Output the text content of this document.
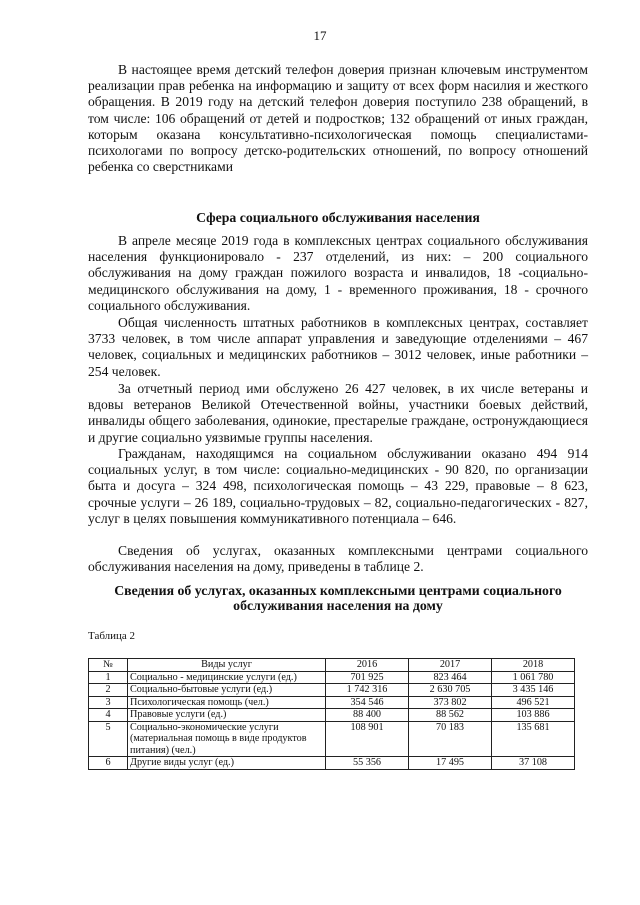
17

В настоящее время детский телефон доверия признан ключевым инструментом реализации прав ребенка на информацию и защиту от всех форм насилия и жесткого обращения. В 2019 году на детский телефон доверия поступило 238 обращений, в том числе: 106 обращений от детей и подростков; 132 обращений от иных граждан, которым оказана консультативно-психологическая помощь специалистами-психологами по вопросу детско-родительских отношений, по вопросу отношений ребенка со сверстниками

Сфера социального обслуживания населения

В апреле месяце 2019 года в комплексных центрах социального обслуживания населения функционировало - 237 отделений, из них: – 200 социального обслуживания на дому граждан пожилого возраста и инвалидов, 18 -социально-медицинского обслуживания на дому, 1 - временного проживания, 18 - срочного социального обслуживания.

Общая численность штатных работников в комплексных центрах, составляет 3733 человек, в том числе аппарат управления и заведующие отделениями – 467 человек, социальных и медицинских работников – 3012 человек, иные работники – 254 человек.

За отчетный период ими обслужено 26 427 человек, в их числе ветераны и вдовы ветеранов Великой Отечественной войны, участники боевых действий, инвалиды общего заболевания, одинокие, престарелые граждане, остронуждающиеся и другие социально уязвимые группы населения.

Гражданам, находящимся на социальном обслуживании оказано 494 914 социальных услуг, в том числе: социально-медицинских - 90 820, по организации быта и досуга – 324 498, психологическая помощь – 43 229, правовые – 8 623, срочные услуги – 26 189, социально-трудовых – 82, социально-педагогических - 827, услуг в целях повышения коммуникативного потенциала – 646.

Сведения об услугах, оказанных комплексными центрами социального обслуживания населения на дому, приведены в таблице 2.

Сведения об услугах, оказанных комплексными центрами социального обслуживания населения на дому
Таблица 2
№	Виды услуг	2016	2017	2018
1	Социально - медицинские услуги (ед.)	701 925	823 464	1 061 780
2	Социально-бытовые услуги (ед.)	1 742 316	2 630 705	3 435 146
3	Психологическая помощь (чел.)	354 546	373 802	496 521
4	Правовые услуги (ед.)	88 400	88 562	103 886
5	Социально-экономические услуги (материальная помощь в виде продуктов питания) (чел.)	108 901	70 183	135 681
6	Другие виды услуг (ед.)	55 356	17 495	37 108
